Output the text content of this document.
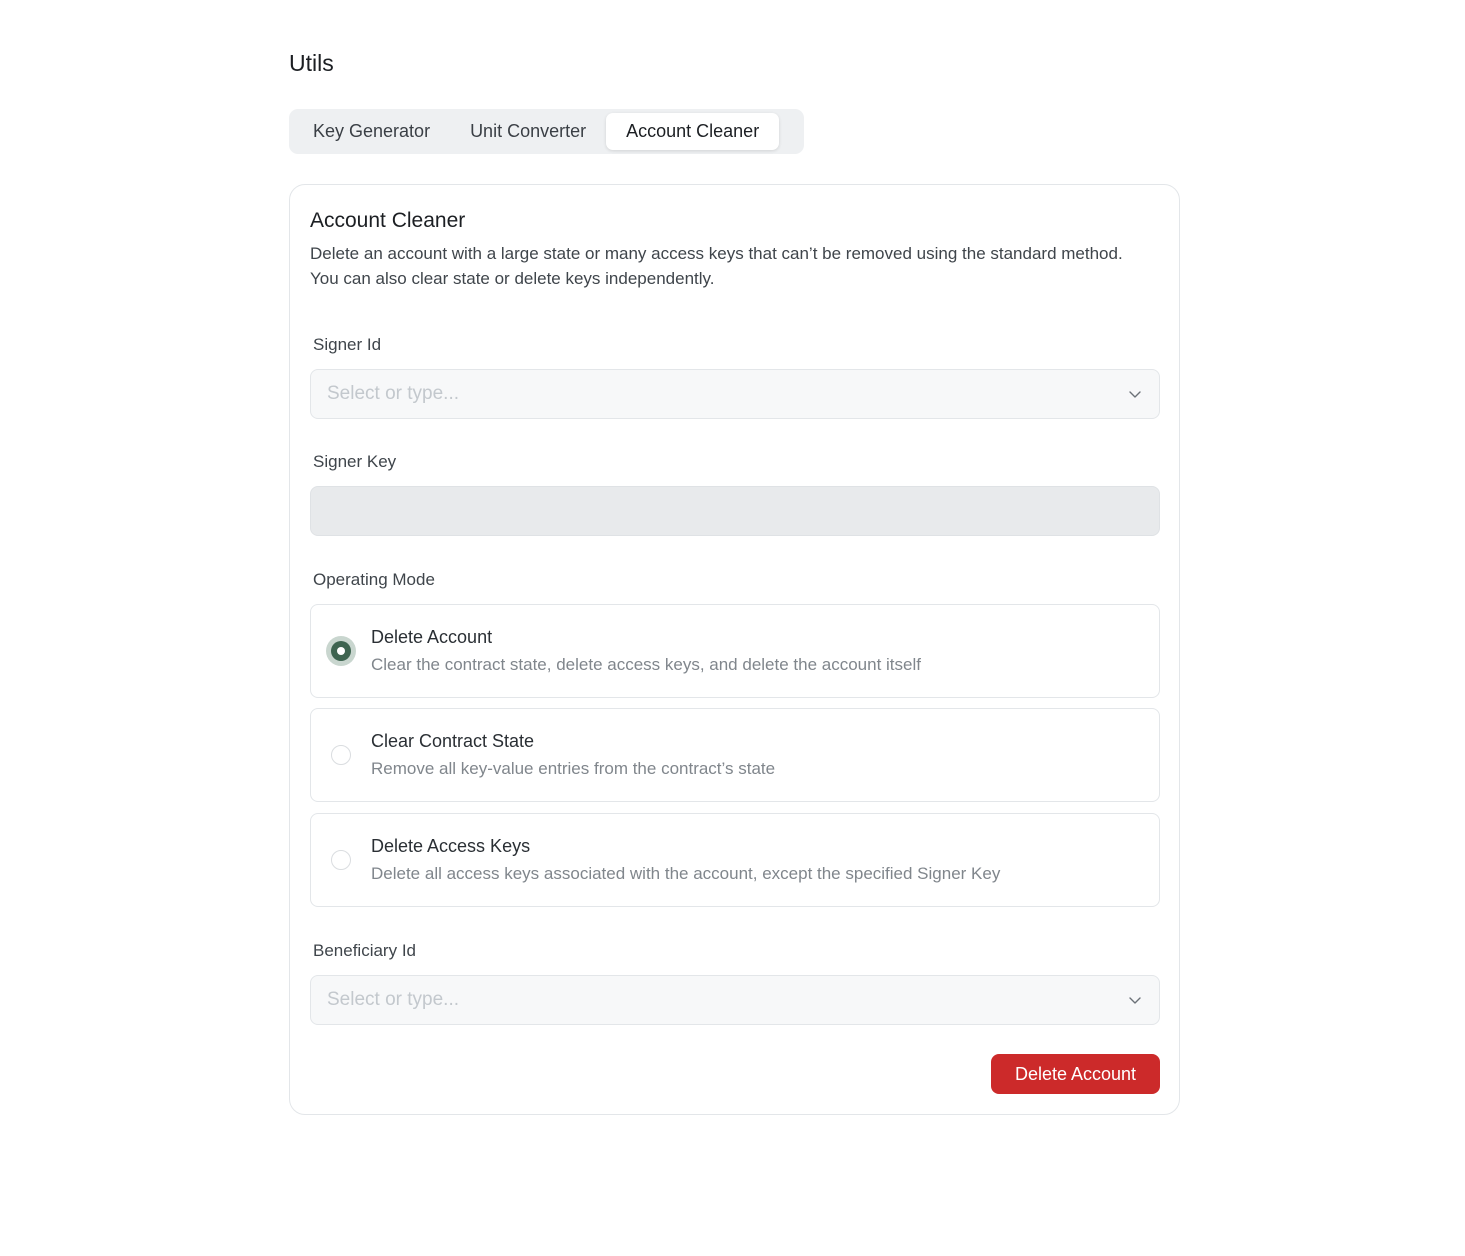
Utils
Key Generator	Unit Converter	Account Cleaner
Account Cleaner
Delete an account with a large state or many access keys that can’t be removed using the standard method. You can also clear state or delete keys independently.
Signer Id
Select or type...
Signer Key
Operating Mode
Delete Account
Clear the contract state, delete access keys, and delete the account itself
Clear Contract State
Remove all key-value entries from the contract’s state
Delete Access Keys
Delete all access keys associated with the account, except the specified Signer Key
Beneficiary Id
Select or type...
Delete Account
